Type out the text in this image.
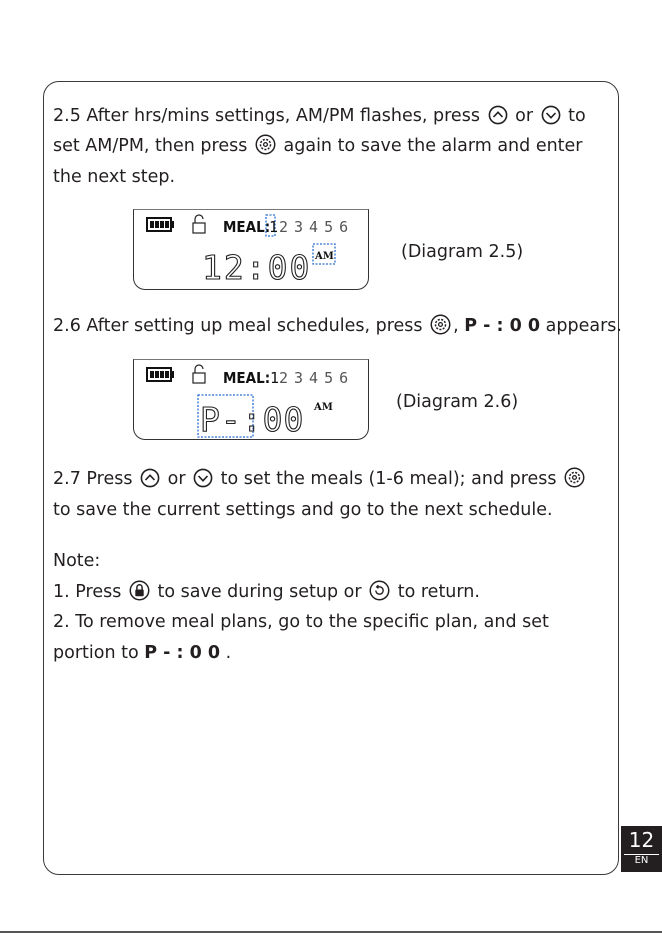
2.5 After hrs/mins settings, AM/PM flashes, press or to
set AM/PM, then press again to save the alarm and enter
the next step.
MEAL:
1 23456
12:00 AM	(Diagram 2.5)
2.6 After setting up meal schedules, press , P - : 0 0 appears.
MEAL: 1 23456
P-:00 AM	(Diagram 2.6)
2.7 Press or to set the meals (1-6 meal); and press
to save the current settings and go to the next schedule.
Note:
1. Press to save during setup or to return.
2. To remove meal plans, go to the specific plan, and set
portion to P - : 0 0 .
12
EN
